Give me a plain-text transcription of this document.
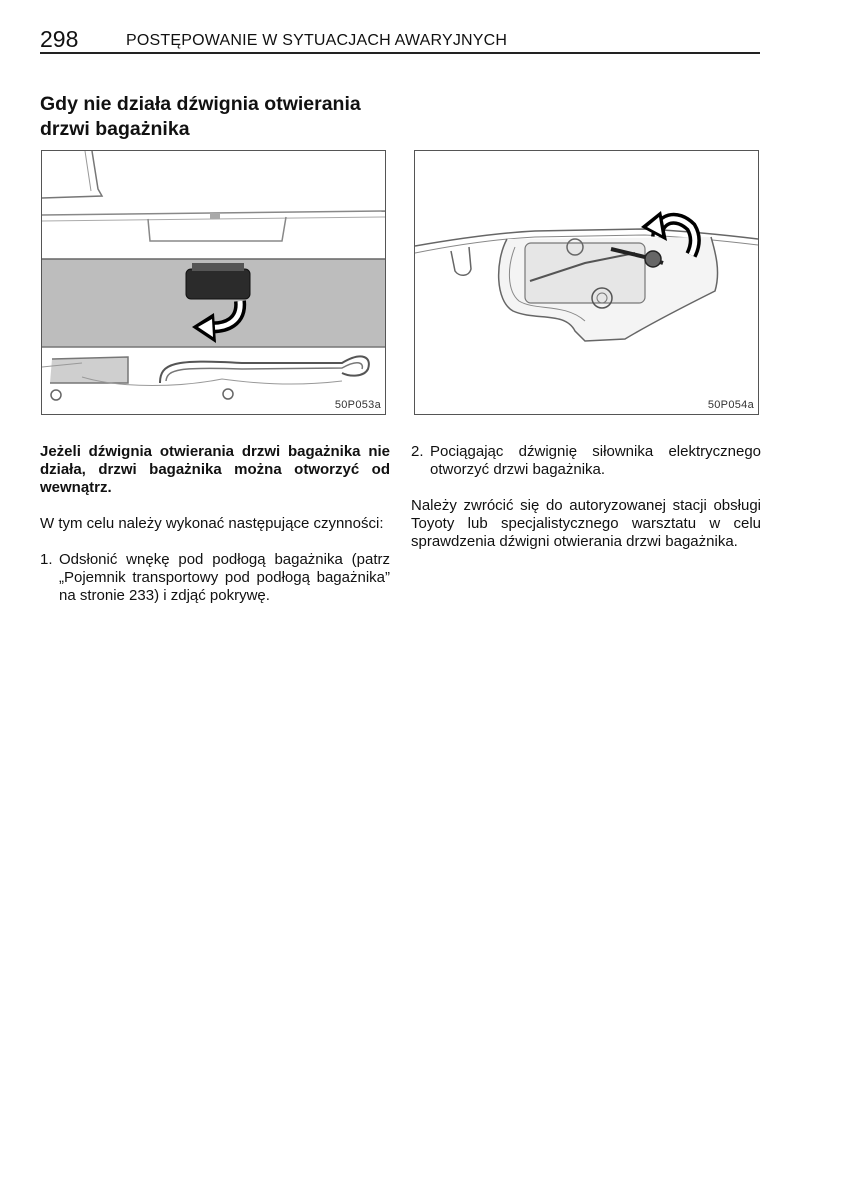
298	POSTĘPOWANIE W SYTUACJACH AWARYJNYCH
Gdy nie działa dźwignia otwierania drzwi bagażnika
50P053a	50P054a

Jeżeli dźwignia otwierania drzwi bagażnika nie działa, drzwi bagażnika można otworzyć od wewnątrz.

W tym celu należy wykonać następujące czynności:

1. Odsłonić wnękę pod podłogą bagażnika (patrz „Pojemnik transportowy pod podłogą bagażnika” na stronie 233) i zdjąć pokrywę.
2. Pociągając dźwignię siłownika elektrycznego otworzyć drzwi bagażnika.

Należy zwrócić się do autoryzowanej stacji obsługi Toyoty lub specjalistycznego warsztatu w celu sprawdzenia dźwigni otwierania drzwi bagażnika.
